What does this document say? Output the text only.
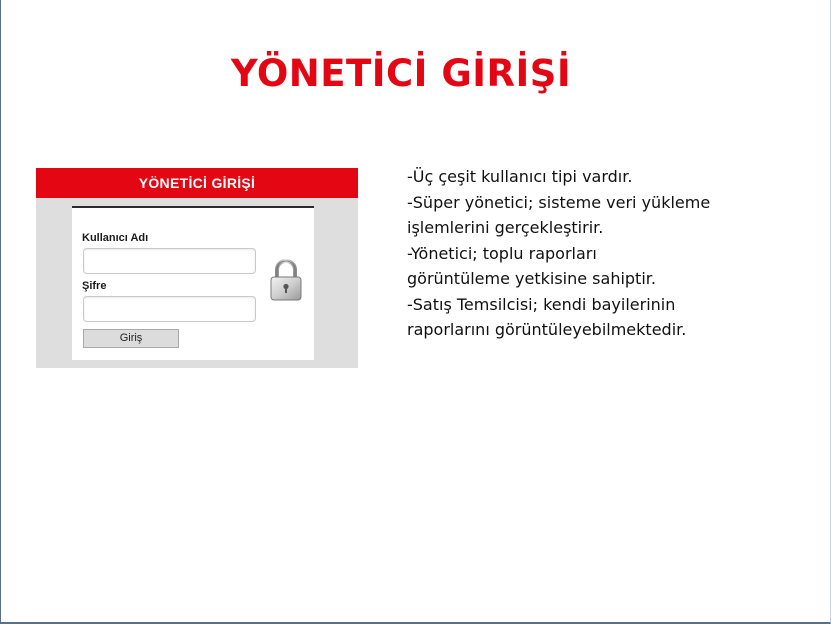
YÖNETİCİ GİRİŞİ
YÖNETİCİ GİRİŞİ
Kullanıcı Adı
Şifre
Giriş
-Üç çeşit kullanıcı tipi vardır.
-Süper yönetici; sisteme veri yükleme
işlemlerini gerçekleştirir.
-Yönetici; toplu raporları
görüntüleme yetkisine sahiptir.
-Satış Temsilcisi; kendi bayilerinin
raporlarını görüntüleyebilmektedir.
